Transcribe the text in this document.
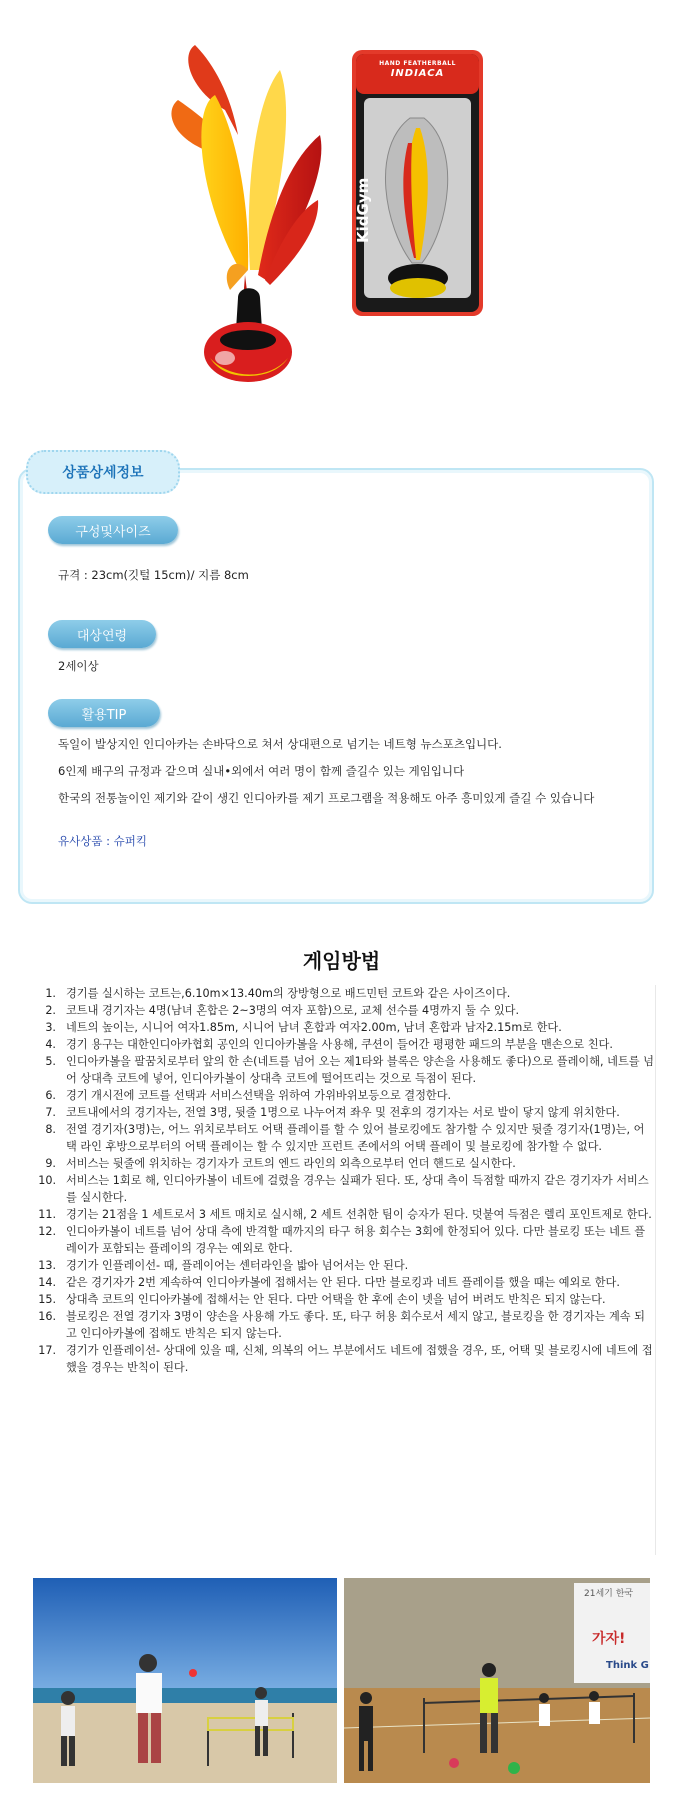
KidGym
HAND FEATHERBALL
INDIACA
상품상세정보
구성및사이즈
규격 : 23cm(깃털 15cm)/ 지름 8cm
대상연령
2세이상
활용TIP
독일이 발상지인 인디아카는 손바닥으로 쳐서 상대편으로 넘기는 네트형 뉴스포츠입니다.
6인제 배구의 규정과 같으며 실내•외에서 여러 명이 함께 즐길수 있는 게임입니다
한국의 전통놀이인 제기와 같이 생긴 인디아카를 제기 프로그램을 적용해도 아주 흥미있게 즐길 수 있습니다
유사상품 : 슈퍼킥
게임방법
1. 경기를 실시하는 코트는,6.10m×13.40m의 장방형으로 배드민턴 코트와 같은 사이즈이다.
2. 코트내 경기자는 4명(남녀 혼합은 2~3명의 여자 포함)으로, 교체 선수를 4명까지 둘 수 있다.
3. 네트의 높이는, 시니어 여자1.85m, 시니어 남녀 혼합과 여자2.00m, 남녀 혼합과 남자2.15m로 한다.
4. 경기 용구는 대한인디아카협회 공인의 인디아카볼을 사용해, 쿠션이 들어간 평평한 패드의 부분을 맨손으로 친다.
5. 인디아카볼을 팔꿈치로부터 앞의 한 손(네트를 넘어 오는 제1타와 블록은 양손을 사용해도 좋다)으로 플레이해, 네트를 넘어 상대측 코트에 넣어, 인디아카볼이 상대측 코트에 떨어뜨리는 것으로 득점이 된다.
6. 경기 개시전에 코트를 선택과 서비스선택을 위하여 가위바위보등으로 결정한다.
7. 코트내에서의 경기자는, 전열 3명, 뒷줄 1명으로 나누어져 좌우 및 전후의 경기자는 서로 발이 닿지 않게 위치한다.
8. 전열 경기자(3명)는, 어느 위치로부터도 어택 플레이를 할 수 있어 블로킹에도 참가할 수 있지만 뒷줄 경기자(1명)는, 어택 라인 후방으로부터의 어택 플레이는 할 수 있지만 프런트 존에서의 어택 플레이 및 블로킹에 참가할 수 없다.
9. 서비스는 뒷줄에 위치하는 경기자가 코트의 엔드 라인의 외측으로부터 언더 핸드로 실시한다.
10. 서비스는 1회로 해, 인디아카볼이 네트에 걸렸을 경우는 실패가 된다. 또, 상대 측이 득점할 때까지 같은 경기자가 서비스를 실시한다.
11. 경기는 21점을 1 세트로서 3 세트 매치로 실시해, 2 세트 선취한 팀이 승자가 된다. 덧붙여 득점은 렐리 포인트제로 한다.
12. 인디아카볼이 네트를 넘어 상대 측에 반격할 때까지의 타구 허용 회수는 3회에 한정되어 있다. 다만 블로킹 또는 네트 플레이가 포함되는 플레이의 경우는 예외로 한다.
13. 경기가 인플레이선- 때, 플레이어는 센터라인을 밟아 넘어서는 안 된다.
14. 같은 경기자가 2번 계속하여 인디아카볼에 접해서는 안 된다. 다만 블로킹과 네트 플레이를 했을 때는 예외로 한다.
15. 상대측 코트의 인디아카볼에 접해서는 안 된다. 다만 어택을 한 후에 손이 넷을 넘어 버려도 반칙은 되지 않는다.
16. 블로킹은 전열 경기자 3명이 양손을 사용해 가도 좋다. 또, 타구 허용 회수로서 세지 않고, 블로킹을 한 경기자는 계속 되고 인디아카볼에 접해도 반칙은 되지 않는다.
17. 경기가 인플레이선- 상대에 있을 때, 신체, 의복의 어느 부분에서도 네트에 접했을 경우, 또, 어택 및 블로킹시에 네트에 접했을 경우는 반칙이 된다.
21세기 한국
가자!
Think G
